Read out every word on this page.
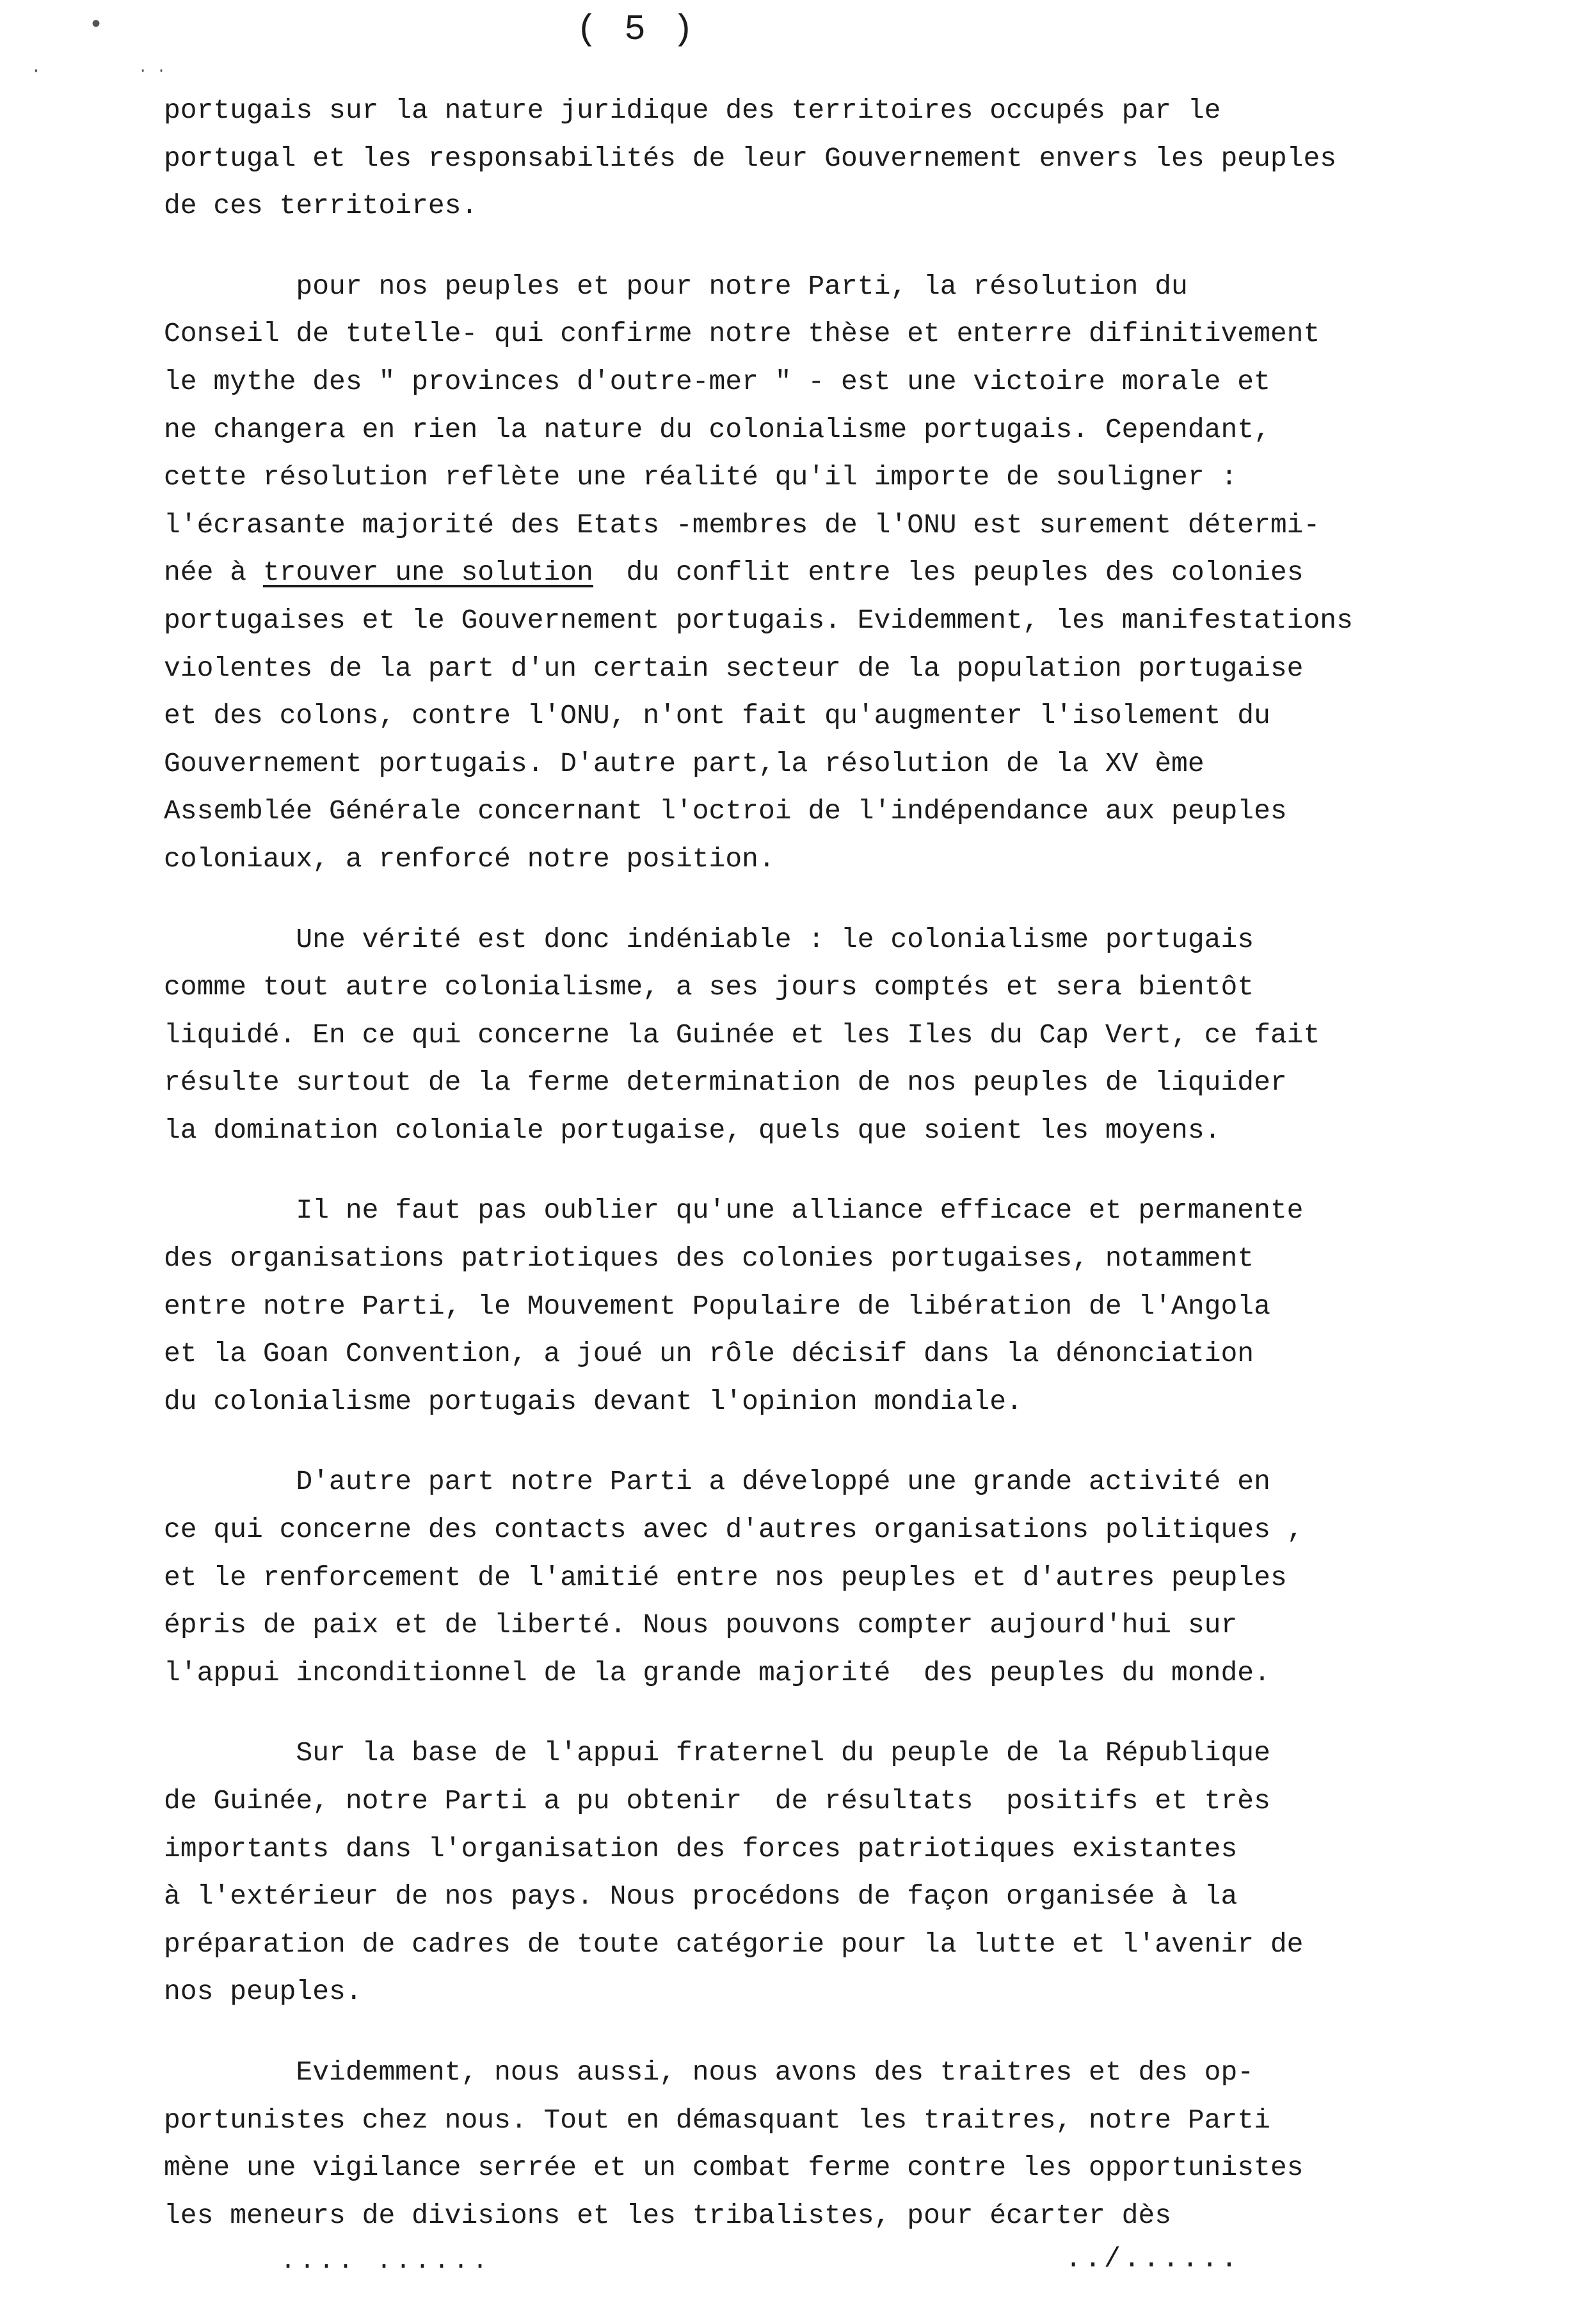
•
·	· ·
( 5 )
portugais sur la nature juridique des territoires occupés par le
portugal et les responsabilités de leur Gouvernement envers les peuples
de ces territoires.
pour nos peuples et pour notre Parti, la résolution du
Conseil de tutelle- qui confirme notre thèse et enterre difinitivement
le mythe des " provinces d'outre-mer " - est une victoire morale et
ne changera en rien la nature du colonialisme portugais. Cependant,
cette résolution reflète une réalité qu'il importe de souligner :
l'écrasante majorité des Etats -membres de l'ONU est surement détermi-
née à trouver une solution  du conflit entre les peuples des colonies
portugaises et le Gouvernement portugais. Evidemment, les manifestations
violentes de la part d'un certain secteur de la population portugaise
et des colons, contre l'ONU, n'ont fait qu'augmenter l'isolement du
Gouvernement portugais. D'autre part,la résolution de la XV ème
Assemblée Générale concernant l'octroi de l'indépendance aux peuples
coloniaux, a renforcé notre position.
Une vérité est donc indéniable : le colonialisme portugais
comme tout autre colonialisme, a ses jours comptés et sera bientôt
liquidé. En ce qui concerne la Guinée et les Iles du Cap Vert, ce fait
résulte surtout de la ferme determination de nos peuples de liquider
la domination coloniale portugaise, quels que soient les moyens.
Il ne faut pas oublier qu'une alliance efficace et permanente
des organisations patriotiques des colonies portugaises, notamment
entre notre Parti, le Mouvement Populaire de libération de l'Angola
et la Goan Convention, a joué un rôle décisif dans la dénonciation
du colonialisme portugais devant l'opinion mondiale.
D'autre part notre Parti a développé une grande activité en
ce qui concerne des contacts avec d'autres organisations politiques ,
et le renforcement de l'amitié entre nos peuples et d'autres peuples
épris de paix et de liberté. Nous pouvons compter aujourd'hui sur
l'appui inconditionnel de la grande majorité  des peuples du monde.
Sur la base de l'appui fraternel du peuple de la République
de Guinée, notre Parti a pu obtenir  de résultats  positifs et très
importants dans l'organisation des forces patriotiques existantes
à l'extérieur de nos pays. Nous procédons de façon organisée à la
préparation de cadres de toute catégorie pour la lutte et l'avenir de
nos peuples.
Evidemment, nous aussi, nous avons des traitres et des op-
portunistes chez nous. Tout en démasquant les traitres, notre Parti
mène une vigilance serrée et un combat ferme contre les opportunistes
les meneurs de divisions et les tribalistes, pour écarter dès
.... ......	../......
